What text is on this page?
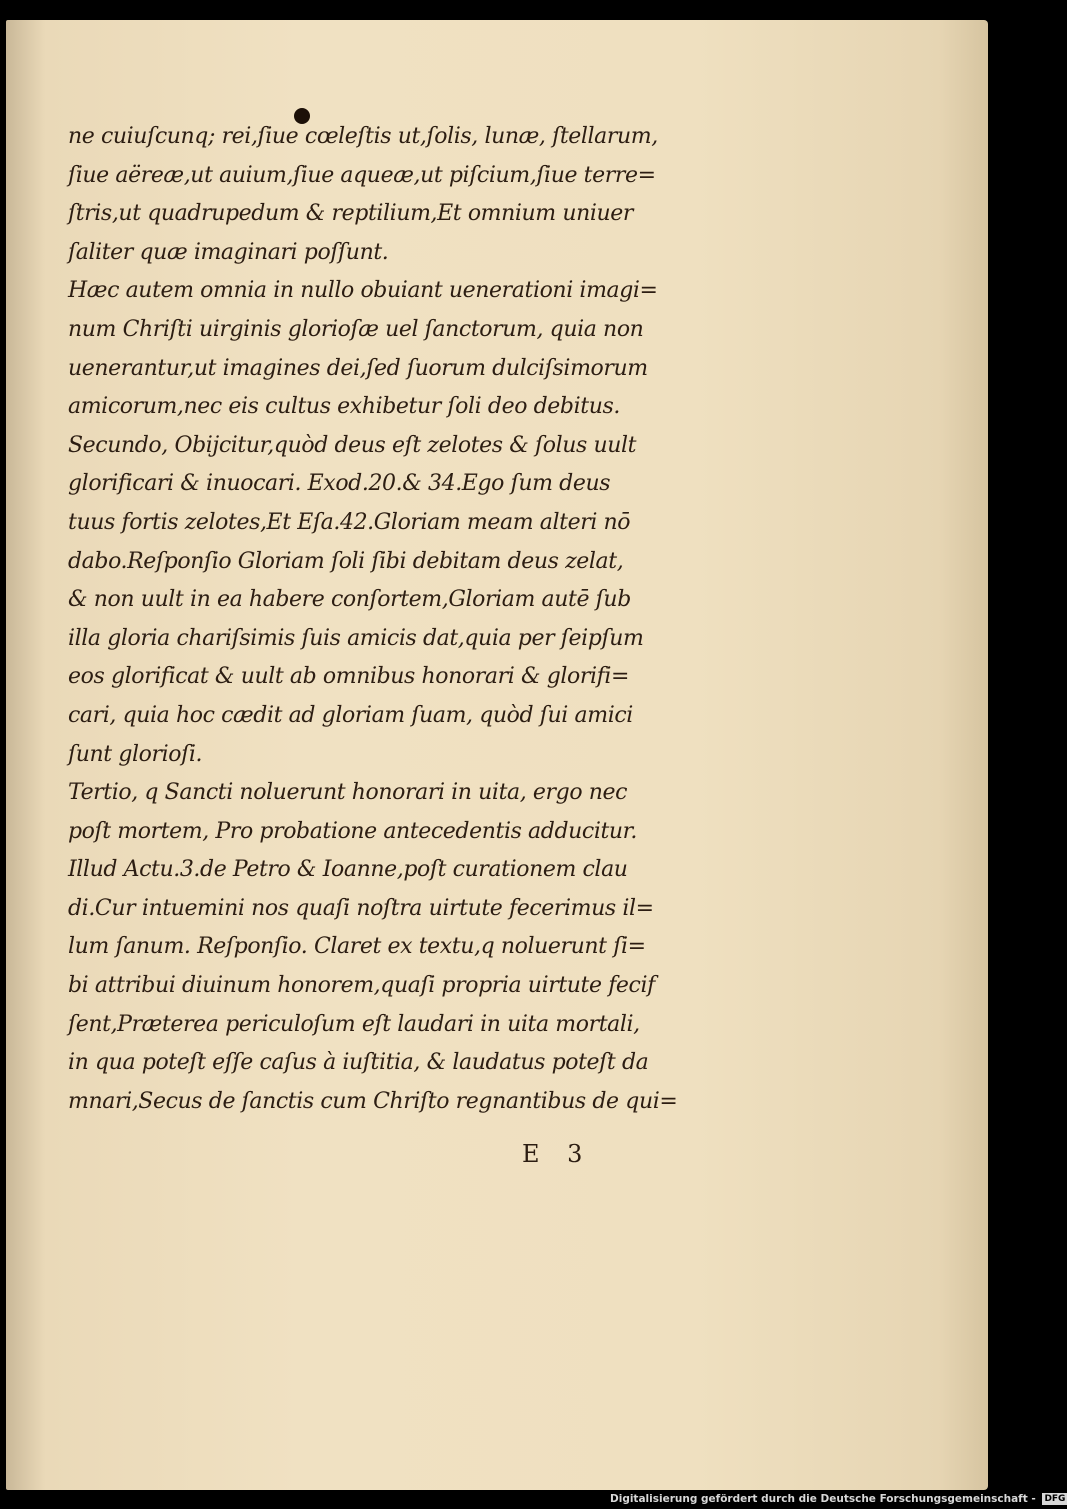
ne cuiuſcunq; rei,ſiue cœleſtis ut,ſolis, lunæ, ſtellarum,
ſiue aëreæ,ut auium,ſiue aqueæ,ut piſcium,ſiue terre=
ſtris,ut quadrupedum & reptilium,Et omnium uniuer
ſaliter quæ imaginari poſſunt.
Hæc autem omnia in nullo obuiant uenerationi imagi=
num Chriſti uirginis glorioſæ uel ſanctorum, quia non
uenerantur,ut imagines dei,ſed ſuorum dulciſsimorum
amicorum,nec eis cultus exhibetur ſoli deo debitus.
Secundo, Obijcitur,quòd deus eſt zelotes & ſolus uult
glorificari & inuocari. Exod.20.& 34.Ego ſum deus
tuus fortis zelotes,Et Eſa.42.Gloriam meam alteri nō
dabo.Reſponſio Gloriam ſoli ſibi debitam deus zelat,
& non uult in ea habere conſortem,Gloriam autē ſub
illa gloria chariſsimis ſuis amicis dat,quia per ſeipſum
eos glorificat & uult ab omnibus honorari & glorifi=
cari, quia hoc cædit ad gloriam ſuam, quòd ſui amici
ſunt glorioſi.
Tertio, q Sancti noluerunt honorari in uita, ergo nec
poſt mortem, Pro probatione antecedentis adducitur.
Illud Actu.3.de Petro & Ioanne,poſt curationem clau
di.Cur intuemini nos quaſi noſtra uirtute fecerimus il=
lum ſanum. Reſponſio. Claret ex textu,q noluerunt ſi=
bi attribui diuinum honorem,quaſi propria uirtute fecif
ſent,Præterea periculoſum eſt laudari in uita mortali,
in qua poteſt eſſe caſus à iuſtitia, & laudatus poteſt da
mnari,Secus de ſanctis cum Chriſto regnantibus de qui=
E 3
Digitalisierung gefördert durch die Deutsche Forschungsgemeinschaft - DFG
